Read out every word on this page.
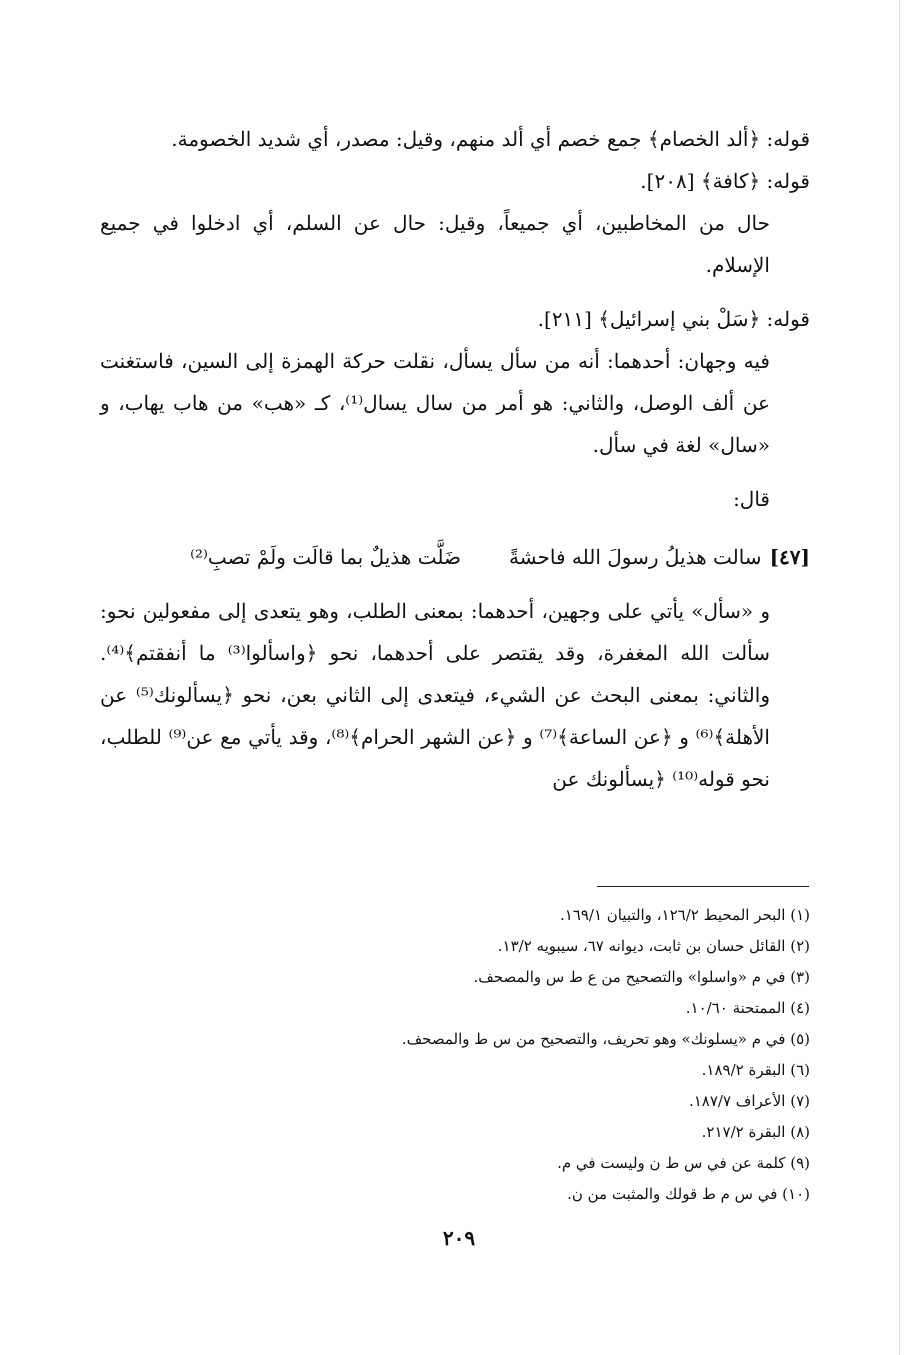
قوله: ﴿ألد الخصام﴾ جمع خصم أي ألد منهم، وقيل: مصدر، أي شديد الخصومة.

قوله: ﴿كافة﴾ [٢٠٨].

حال من المخاطبين، أي جميعاً، وقيل: حال عن السلم، أي ادخلوا في جميع الإسلام.

قوله: ﴿سَلْ بني إسرائيل﴾ [٢١١].

فيه وجهان: أحدهما: أنه من سأل يسأل، نقلت حركة الهمزة إلى السين، فاستغنت عن ألف الوصل، والثاني: هو أمر من سال يسال⁽¹⁾، كـ «هب» من هاب يهاب، و «سال» لغة في سأل.

قال:

[٤٧]
سالت هذيلُ رسولَ الله فاحشةً
ضَلَّت هذيلٌ بما قالَت ولَمْ تصبِ⁽²⁾

و «سأل» يأتي على وجهين، أحدهما: بمعنى الطلب، وهو يتعدى إلى مفعولين نحو: سألت الله المغفرة، وقد يقتصر على أحدهما، نحو ﴿واسألوا⁽³⁾ ما أنفقتم﴾⁽⁴⁾. والثاني: بمعنى البحث عن الشيء، فيتعدى إلى الثاني بعن، نحو ﴿يسألونك⁽⁵⁾ عن الأهلة﴾⁽⁶⁾ و ﴿عن الساعة﴾⁽⁷⁾ و ﴿عن الشهر الحرام﴾⁽⁸⁾، وقد يأتي مع عن⁽⁹⁾ للطلب، نحو قوله⁽¹⁰⁾ ﴿يسألونك عن

(١) البحر المحيط ١٢٦/٢، والتبيان ١٦٩/١.
(٢) القائل حسان بن ثابت، ديوانه ٦٧، سيبويه ١٣/٢.
(٣) في م «واسلوا» والتصحيح من ع ط س والمصحف.
(٤) الممتحنة ١٠/٦٠.
(٥) في م «يسلونك» وهو تحريف، والتصحيح من س ط والمصحف.
(٦) البقرة ١٨٩/٢.
(٧) الأعراف ١٨٧/٧.
(٨) البقرة ٢١٧/٢.
(٩) كلمة عن في س ط ن وليست في م.
(١٠) في س م ط قولك والمثبت من ن.
٢٠٩
